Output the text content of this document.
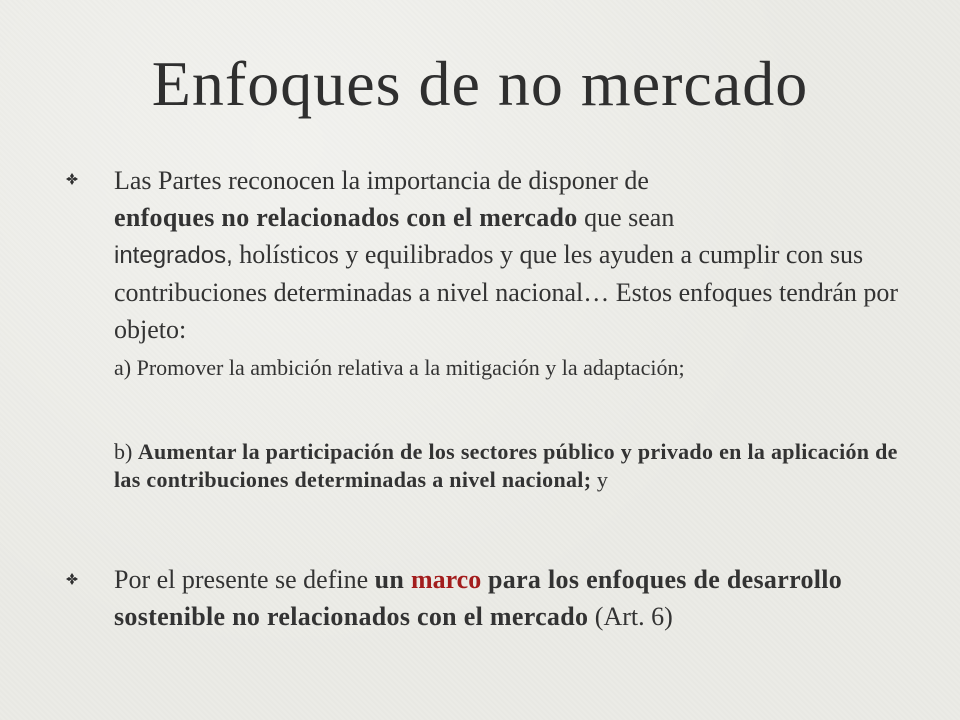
Enfoques de no mercado
Las Partes reconocen la importancia de disponer de
enfoques no relacionados con el mercado que sean
integrados, holísticos y equilibrados y que les ayuden a cumplir con sus contribuciones determinadas a nivel nacional… Estos enfoques tendrán por objeto:
a) Promover la ambición relativa a la mitigación y la adaptación;
b) Aumentar la participación de los sectores público y privado en la aplicación de las contribuciones determinadas a nivel nacional; y
Por el presente se define un marco para los enfoques de desarrollo sostenible no relacionados con el mercado (Art. 6)
